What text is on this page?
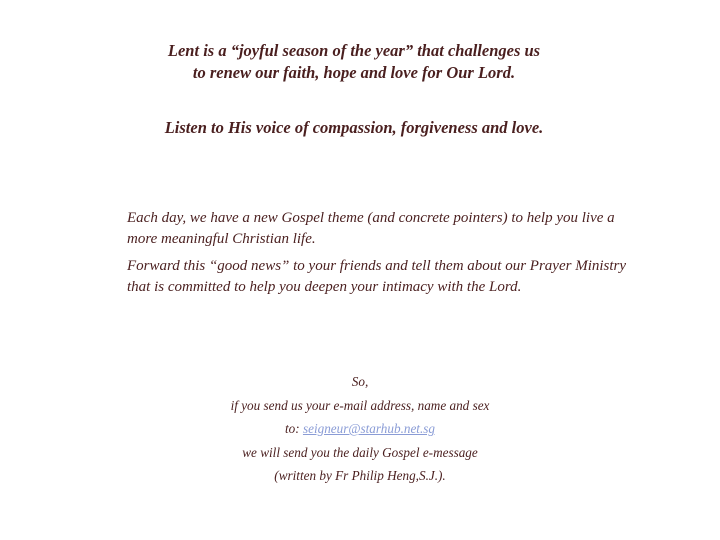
Lent is a “joyful season of the year” that challenges us to renew our faith, hope and love for Our Lord.

Listen to His voice of compassion, forgiveness and love.

Each day, we have a new Gospel theme (and concrete pointers) to help you live a more meaningful Christian life.

Forward this “good news” to your friends and tell them about our Prayer Ministry that is committed to help you deepen your intimacy with the Lord.

So,
if you send us your e-mail address, name and sex
to: seigneur@starhub.net.sg
we will send you the daily Gospel e-message
(written by Fr Philip Heng,S.J.).
